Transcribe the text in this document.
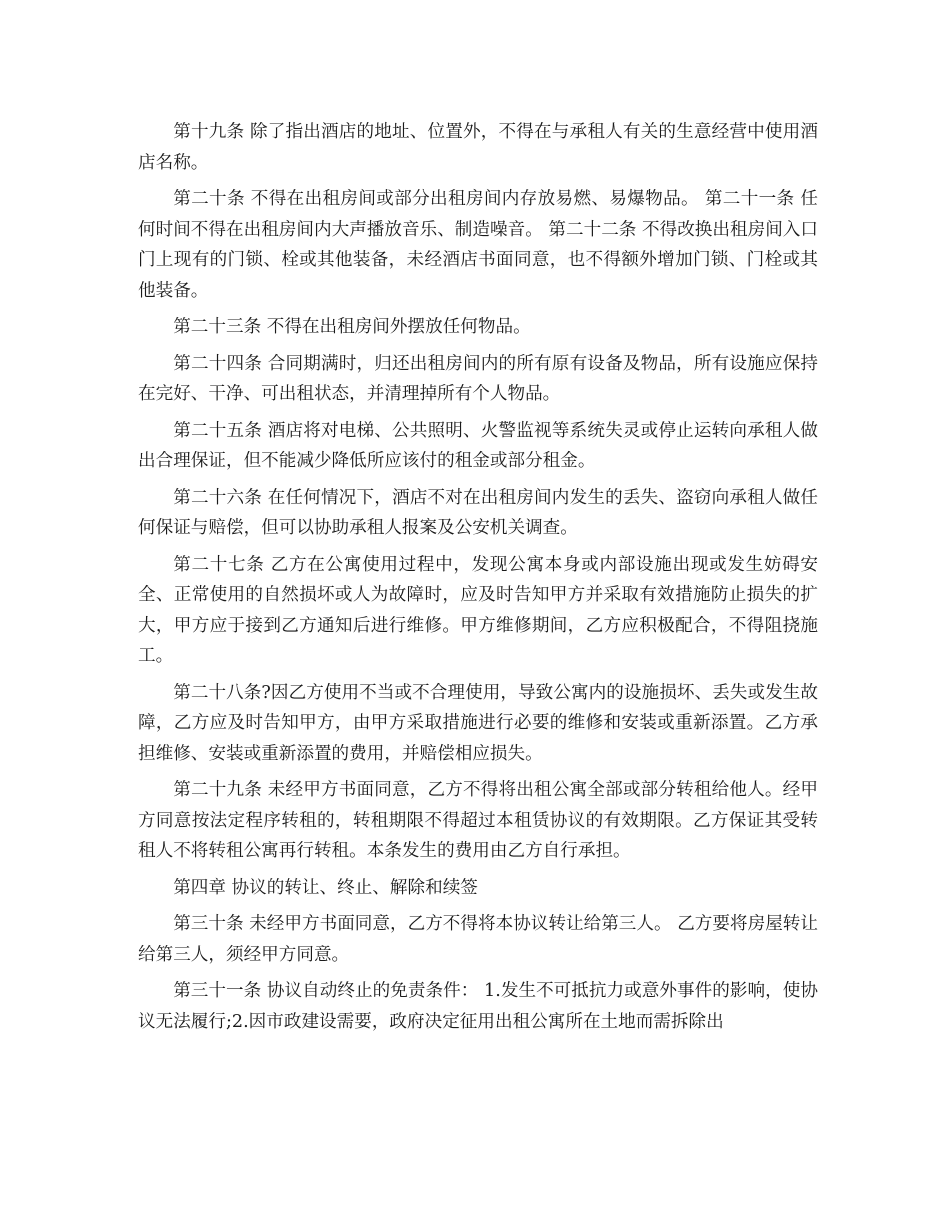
第十九条 除了指出酒店的地址、位置外，不得在与承租人有关的生意经营中使用酒店名称。

第二十条 不得在出租房间或部分出租房间内存放易燃、易爆物品。 第二十一条 任何时间不得在出租房间内大声播放音乐、制造噪音。 第二十二条 不得改换出租房间入口门上现有的门锁、栓或其他装备，未经酒店书面同意，也不得额外增加门锁、门栓或其他装备。

第二十三条 不得在出租房间外摆放任何物品。

第二十四条 合同期满时，归还出租房间内的所有原有设备及物品，所有设施应保持在完好、干净、可出租状态，并清理掉所有个人物品。

第二十五条 酒店将对电梯、公共照明、火警监视等系统失灵或停止运转向承租人做出合理保证，但不能减少降低所应该付的租金或部分租金。

第二十六条 在任何情况下，酒店不对在出租房间内发生的丢失、盗窃向承租人做任何保证与赔偿，但可以协助承租人报案及公安机关调查。

第二十七条 乙方在公寓使用过程中，发现公寓本身或内部设施出现或发生妨碍安全、正常使用的自然损坏或人为故障时，应及时告知甲方并采取有效措施防止损失的扩大，甲方应于接到乙方通知后进行维修。甲方维修期间，乙方应积极配合，不得阻挠施工。

第二十八条?因乙方使用不当或不合理使用，导致公寓内的设施损坏、丢失或发生故障，乙方应及时告知甲方，由甲方采取措施进行必要的维修和安装或重新添置。乙方承担维修、安装或重新添置的费用，并赔偿相应损失。

第二十九条 未经甲方书面同意，乙方不得将出租公寓全部或部分转租给他人。经甲方同意按法定程序转租的，转租期限不得超过本租赁协议的有效期限。乙方保证其受转租人不将转租公寓再行转租。本条发生的费用由乙方自行承担。

第四章 协议的转让、终止、解除和续签

第三十条 未经甲方书面同意，乙方不得将本协议转让给第三人。 乙方要将房屋转让给第三人，须经甲方同意。

第三十一条 协议自动终止的免责条件： 1.发生不可抵抗力或意外事件的影响，使协议无法履行;2.因市政建设需要，政府决定征用出租公寓所在土地而需拆除出
